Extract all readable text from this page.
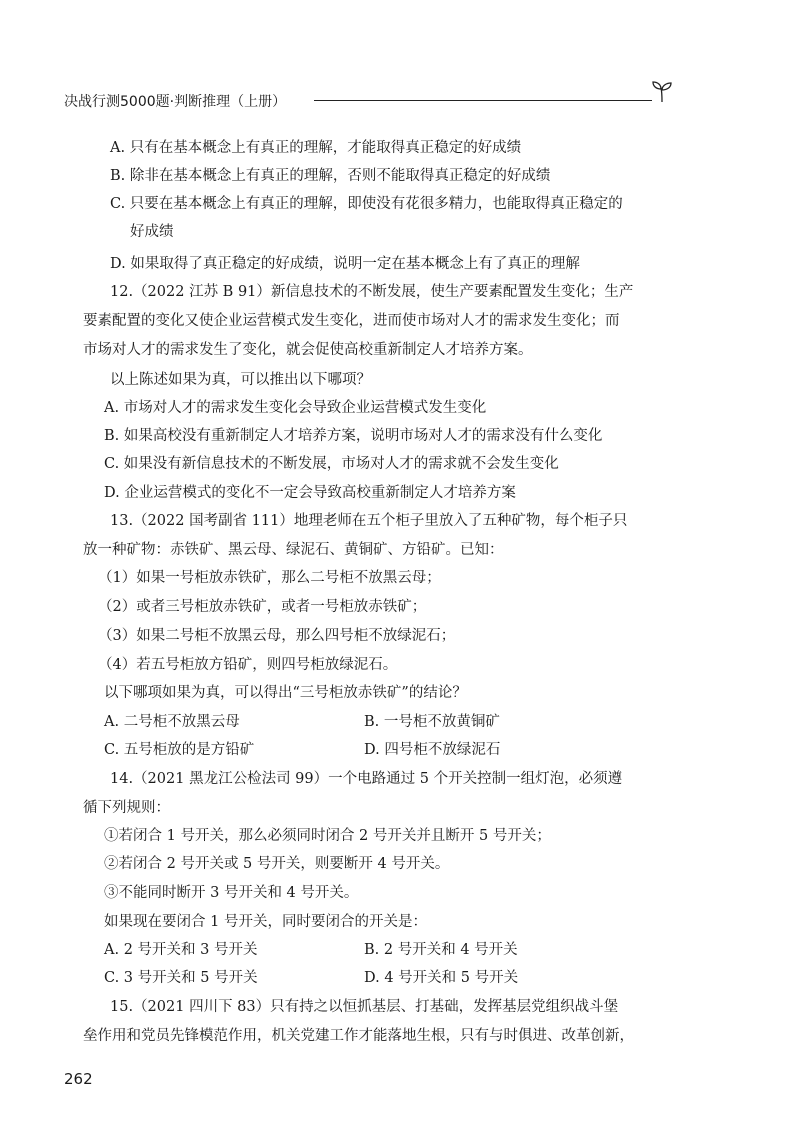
决战行测5000题·判断推理（上册）
A. 只有在基本概念上有真正的理解，才能取得真正稳定的好成绩
B. 除非在基本概念上有真正的理解，否则不能取得真正稳定的好成绩
C. 只要在基本概念上有真正的理解，即使没有花很多精力，也能取得真正稳定的
好成绩
D. 如果取得了真正稳定的好成绩，说明一定在基本概念上有了真正的理解
12.（2022 江苏 B 91）新信息技术的不断发展，使生产要素配置发生变化；生产
要素配置的变化又使企业运营模式发生变化，进而使市场对人才的需求发生变化；而
市场对人才的需求发生了变化，就会促使高校重新制定人才培养方案。
以上陈述如果为真，可以推出以下哪项？
A. 市场对人才的需求发生变化会导致企业运营模式发生变化
B. 如果高校没有重新制定人才培养方案，说明市场对人才的需求没有什么变化
C. 如果没有新信息技术的不断发展，市场对人才的需求就不会发生变化
D. 企业运营模式的变化不一定会导致高校重新制定人才培养方案
13.（2022 国考副省 111）地理老师在五个柜子里放入了五种矿物，每个柜子只
放一种矿物：赤铁矿、黑云母、绿泥石、黄铜矿、方铅矿。已知：
（1）如果一号柜放赤铁矿，那么二号柜不放黑云母；
（2）或者三号柜放赤铁矿，或者一号柜放赤铁矿；
（3）如果二号柜不放黑云母，那么四号柜不放绿泥石；
（4）若五号柜放方铅矿，则四号柜放绿泥石。
以下哪项如果为真，可以得出“三号柜放赤铁矿”的结论？
A. 二号柜不放黑云母	B. 一号柜不放黄铜矿
C. 五号柜放的是方铅矿	D. 四号柜不放绿泥石
14.（2021 黑龙江公检法司 99）一个电路通过 5 个开关控制一组灯泡，必须遵
循下列规则：
①若闭合 1 号开关，那么必须同时闭合 2 号开关并且断开 5 号开关；
②若闭合 2 号开关或 5 号开关，则要断开 4 号开关。
③不能同时断开 3 号开关和 4 号开关。
如果现在要闭合 1 号开关，同时要闭合的开关是：
A. 2 号开关和 3 号开关	B. 2 号开关和 4 号开关
C. 3 号开关和 5 号开关	D. 4 号开关和 5 号开关
15.（2021 四川下 83）只有持之以恒抓基层、打基础，发挥基层党组织战斗堡
垒作用和党员先锋模范作用，机关党建工作才能落地生根，只有与时俱进、改革创新，
262
